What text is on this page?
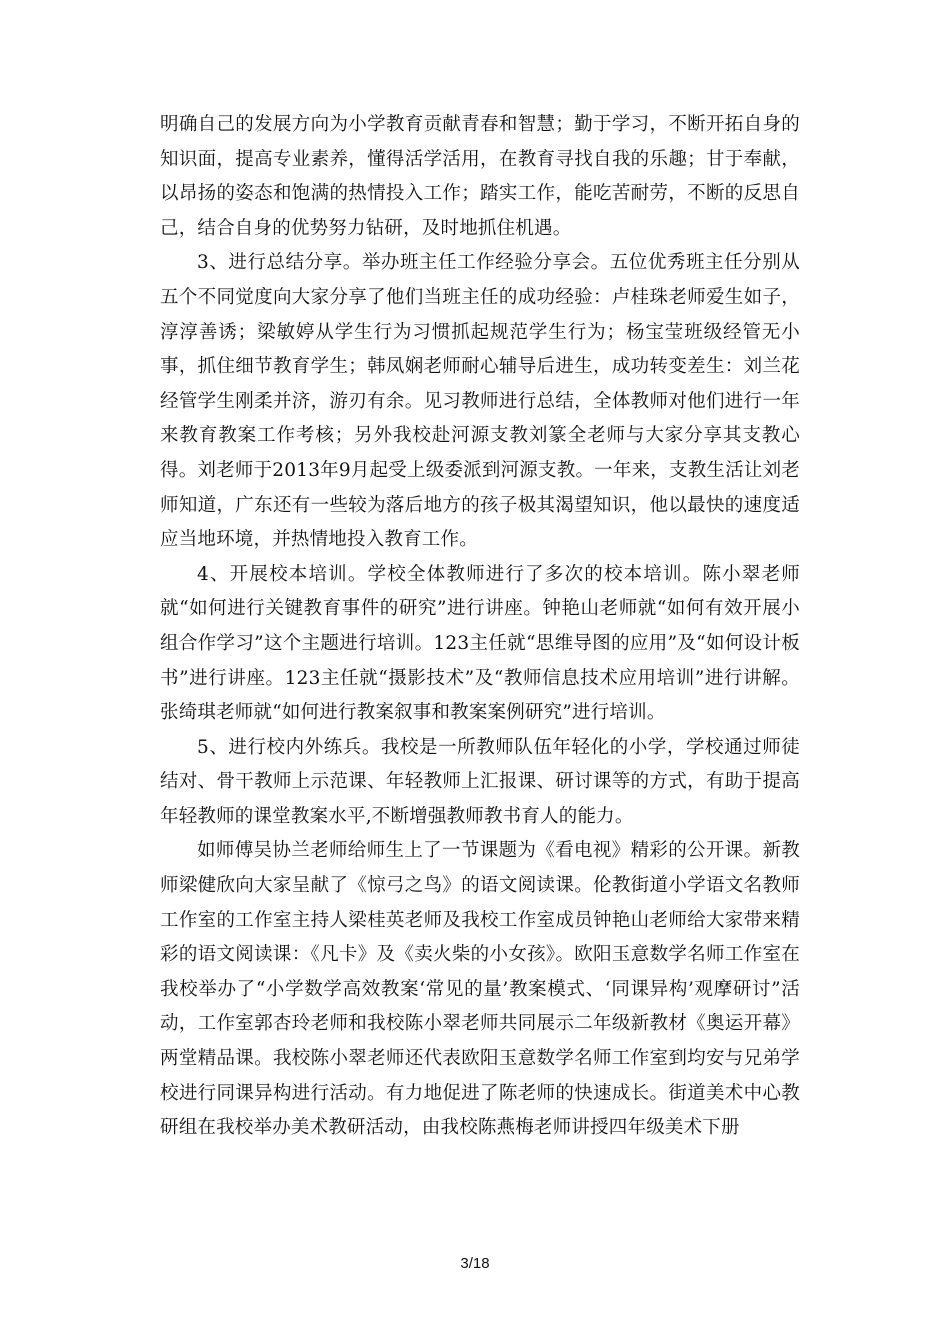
明确自己的发展方向为小学教育贡献青春和智慧；勤于学习，不断开拓自身的知识面，提高专业素养，懂得活学活用，在教育寻找自我的乐趣；甘于奉献，以昂扬的姿态和饱满的热情投入工作；踏实工作，能吃苦耐劳，不断的反思自己，结合自身的优势努力钻研，及时地抓住机遇。

3、进行总结分享。举办班主任工作经验分享会。五位优秀班主任分别从五个不同觉度向大家分享了他们当班主任的成功经验：卢桂珠老师爱生如子，淳淳善诱；梁敏婷从学生行为习惯抓起规范学生行为；杨宝莹班级经管无小事，抓住细节教育学生；韩凤娴老师耐心辅导后进生，成功转变差生：刘兰花经管学生刚柔并济，游刃有余。见习教师进行总结，全体教师对他们进行一年来教育教案工作考核；另外我校赴河源支教刘篆全老师与大家分享其支教心得。刘老师于2013年9月起受上级委派到河源支教。一年来，支教生活让刘老师知道，广东还有一些较为落后地方的孩子极其渴望知识，他以最快的速度适应当地环境，并热情地投入教育工作。

4、开展校本培训。学校全体教师进行了多次的校本培训。陈小翠老师就“如何进行关键教育事件的研究”进行讲座。钟艳山老师就“如何有效开展小组合作学习”这个主题进行培训。123主任就“思维导图的应用”及“如何设计板书”进行讲座。123主任就“摄影技术”及“教师信息技术应用培训”进行讲解。张绮琪老师就“如何进行教案叙事和教案案例研究”进行培训。

5、进行校内外练兵。我校是一所教师队伍年轻化的小学，学校通过师徒结对、骨干教师上示范课、年轻教师上汇报课、研讨课等的方式，有助于提高年轻教师的课堂教案水平,不断增强教师教书育人的能力。

如师傅吴协兰老师给师生上了一节课题为《看电视》精彩的公开课。新教师梁健欣向大家呈献了《惊弓之鸟》的语文阅读课。伦教街道小学语文名教师工作室的工作室主持人梁桂英老师及我校工作室成员钟艳山老师给大家带来精彩的语文阅读课：《凡卡》及《卖火柴的小女孩》。欧阳玉意数学名师工作室在我校举办了“小学数学高效教案‘常见的量’教案模式、‘同课异构’观摩研讨”活动，工作室郭杏玲老师和我校陈小翠老师共同展示二年级新教材《奥运开幕》两堂精品课。我校陈小翠老师还代表欧阳玉意数学名师工作室到均安与兄弟学校进行同课异构进行活动。有力地促进了陈老师的快速成长。街道美术中心教研组在我校举办美术教研活动，由我校陈燕梅老师讲授四年级美术下册

3/18
